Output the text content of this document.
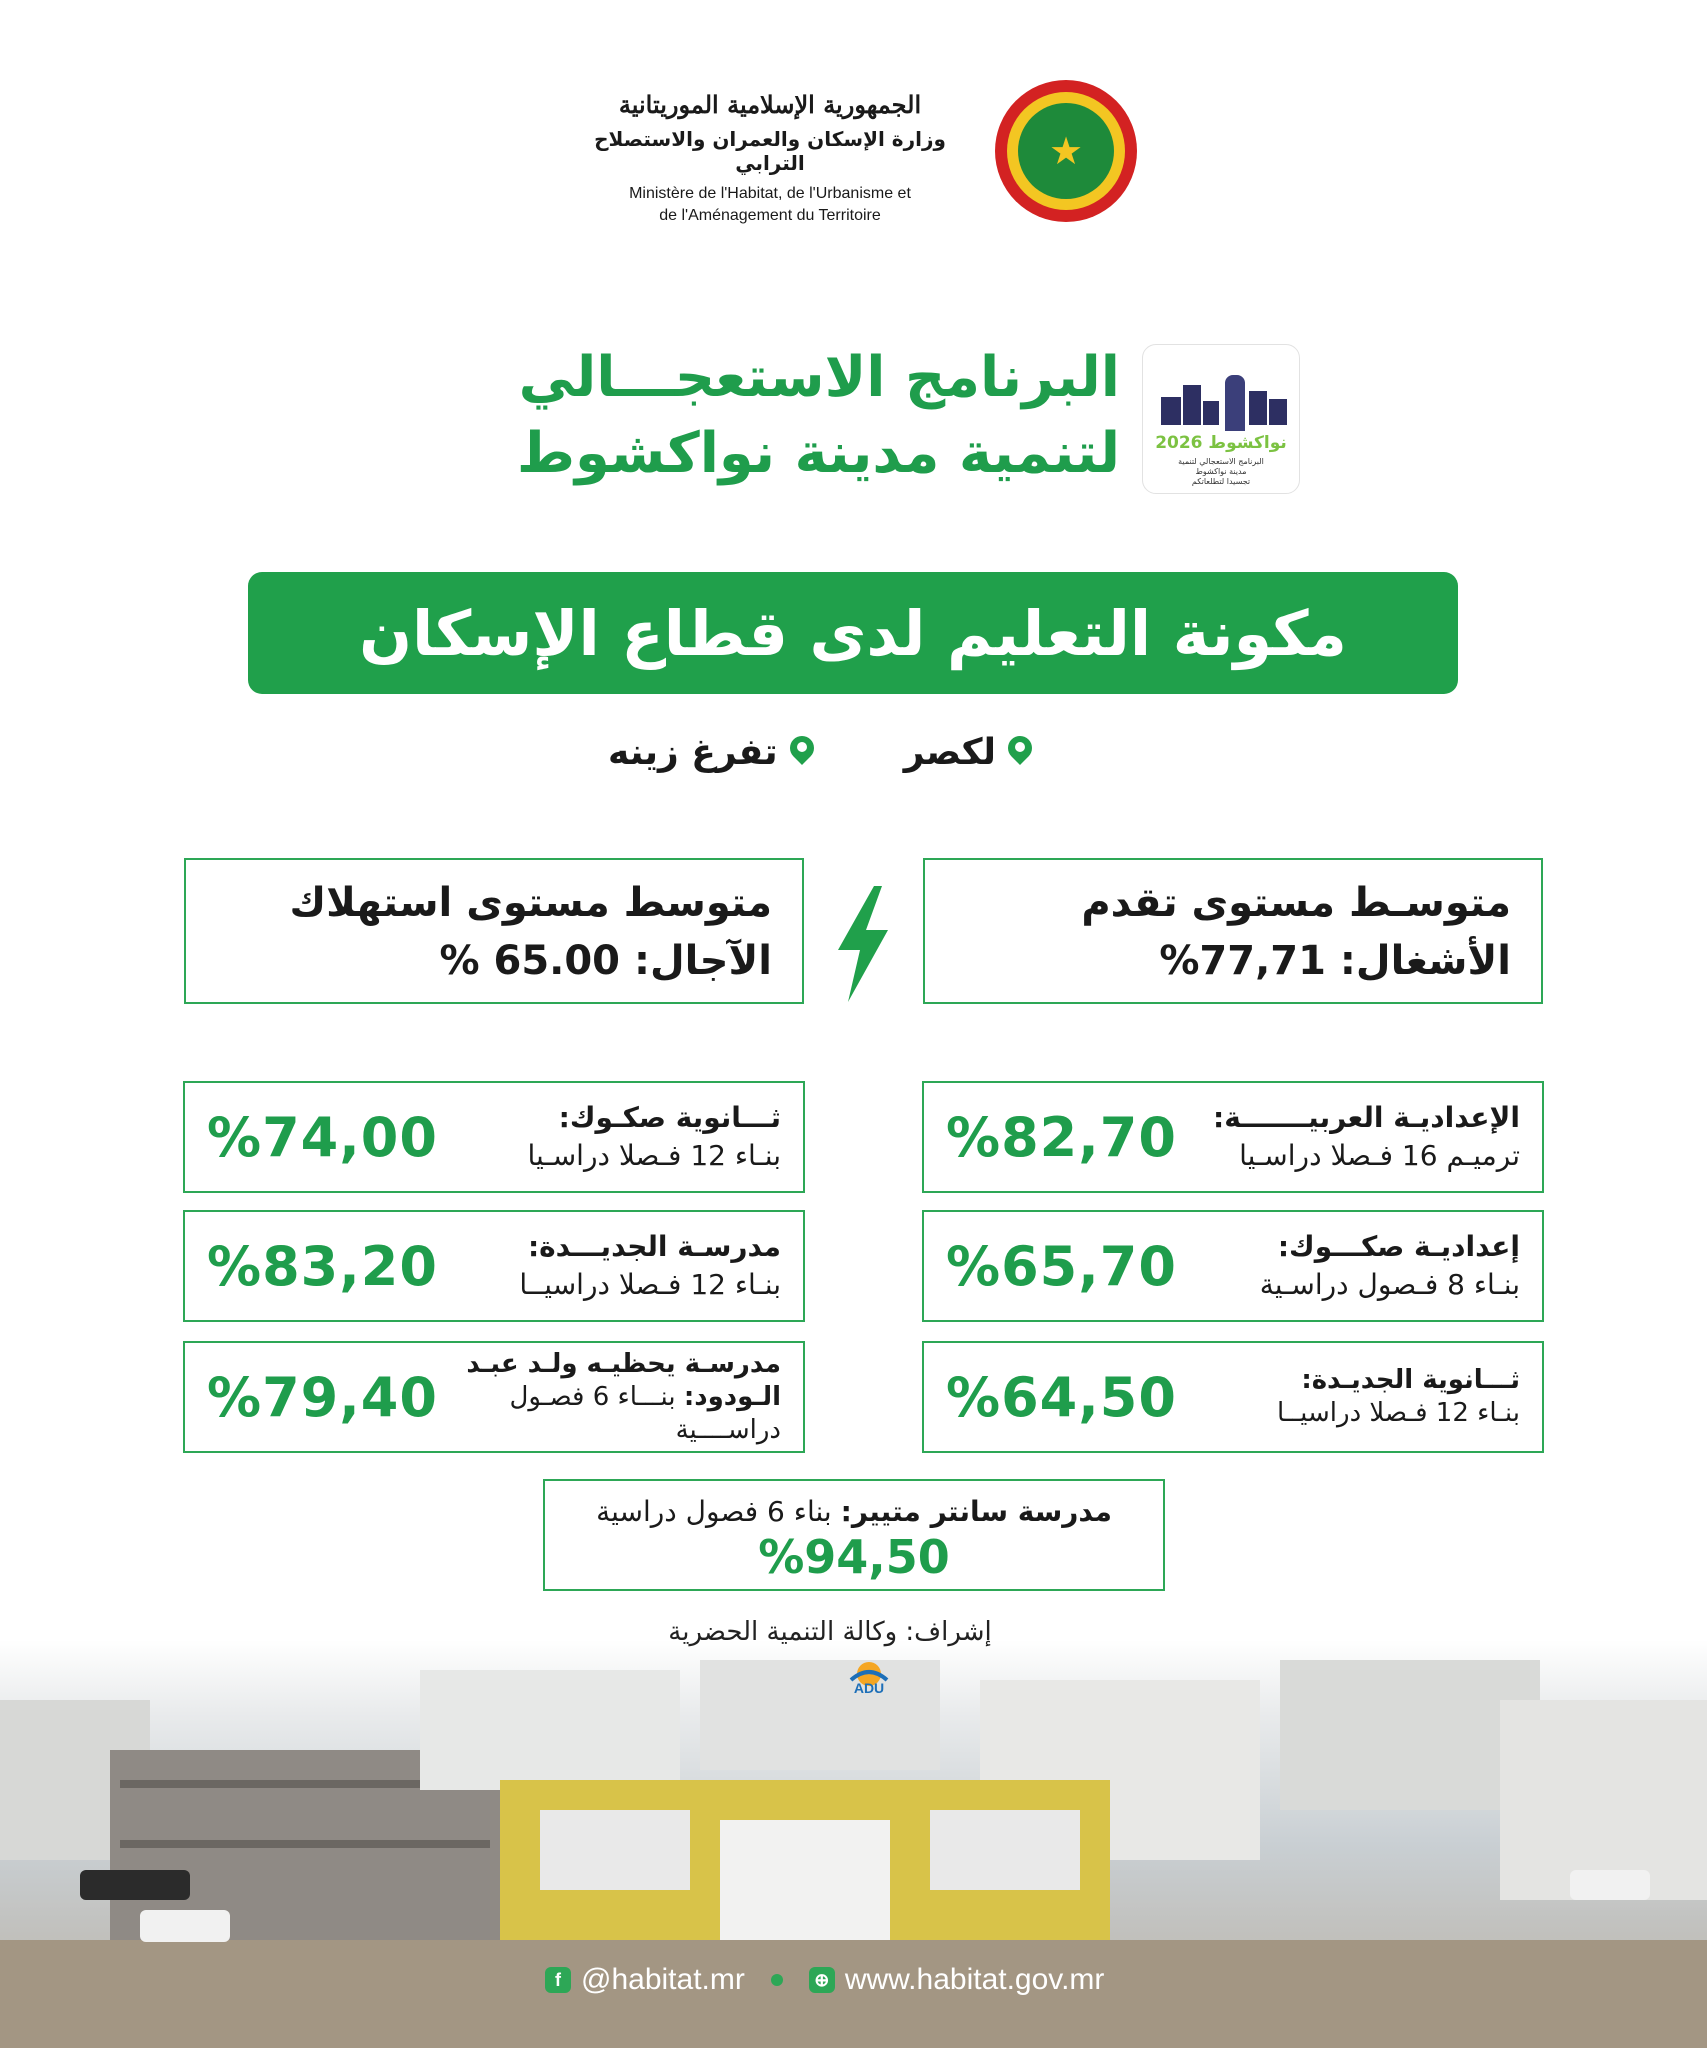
الجمهورية الإسلامية الموريتانية
وزارة الإسكان والعمران والاستصلاح الترابي
Ministère de l'Habitat, de l'Urbanisme et
de l'Aménagement du Territoire
★
البرنامج الاستعجـــالي
لتنمية مدينة نواكشوط	نواكشوط 2026
البرنامج الاستعجالي لتنمية
مدينة نواكشوط
تجسيدا لتطلعاتكم
مكونة التعليم لدى قطاع الإسكان
لكصر
تفرغ زينه
متوسـط مستوى تقدم
الأشغال: 77,71%
متوسط مستوى استهلاك
الآجال: 65.00 %
الإعداديـة العربيـــــــة:
ترميـم 16 فـصلا دراسـيا
%82,70
إعداديـة صكـــوك:
بنـاء 8 فـصول دراسـية
%65,70
ثـــانوية الجديـدة:
بنـاء 12 فـصلا دراسيــا
%64,50
ثـــانوية صكـوك:
بنـاء 12 فـصلا دراسـيا
%74,00
مدرسـة الجديـــدة:
بنـاء 12 فـصلا دراسيــا
%83,20
مدرسـة يحظيـه ولـد عبـد الـودود: بنـــاء 6 فصـول دراســــية
%79,40
مدرسة سانتر متيير: بناء 6 فصول دراسية
%94,50
إشراف: وكالة التنمية الحضرية
ADU
f @habitat.mr	⊕ www.habitat.gov.mr
